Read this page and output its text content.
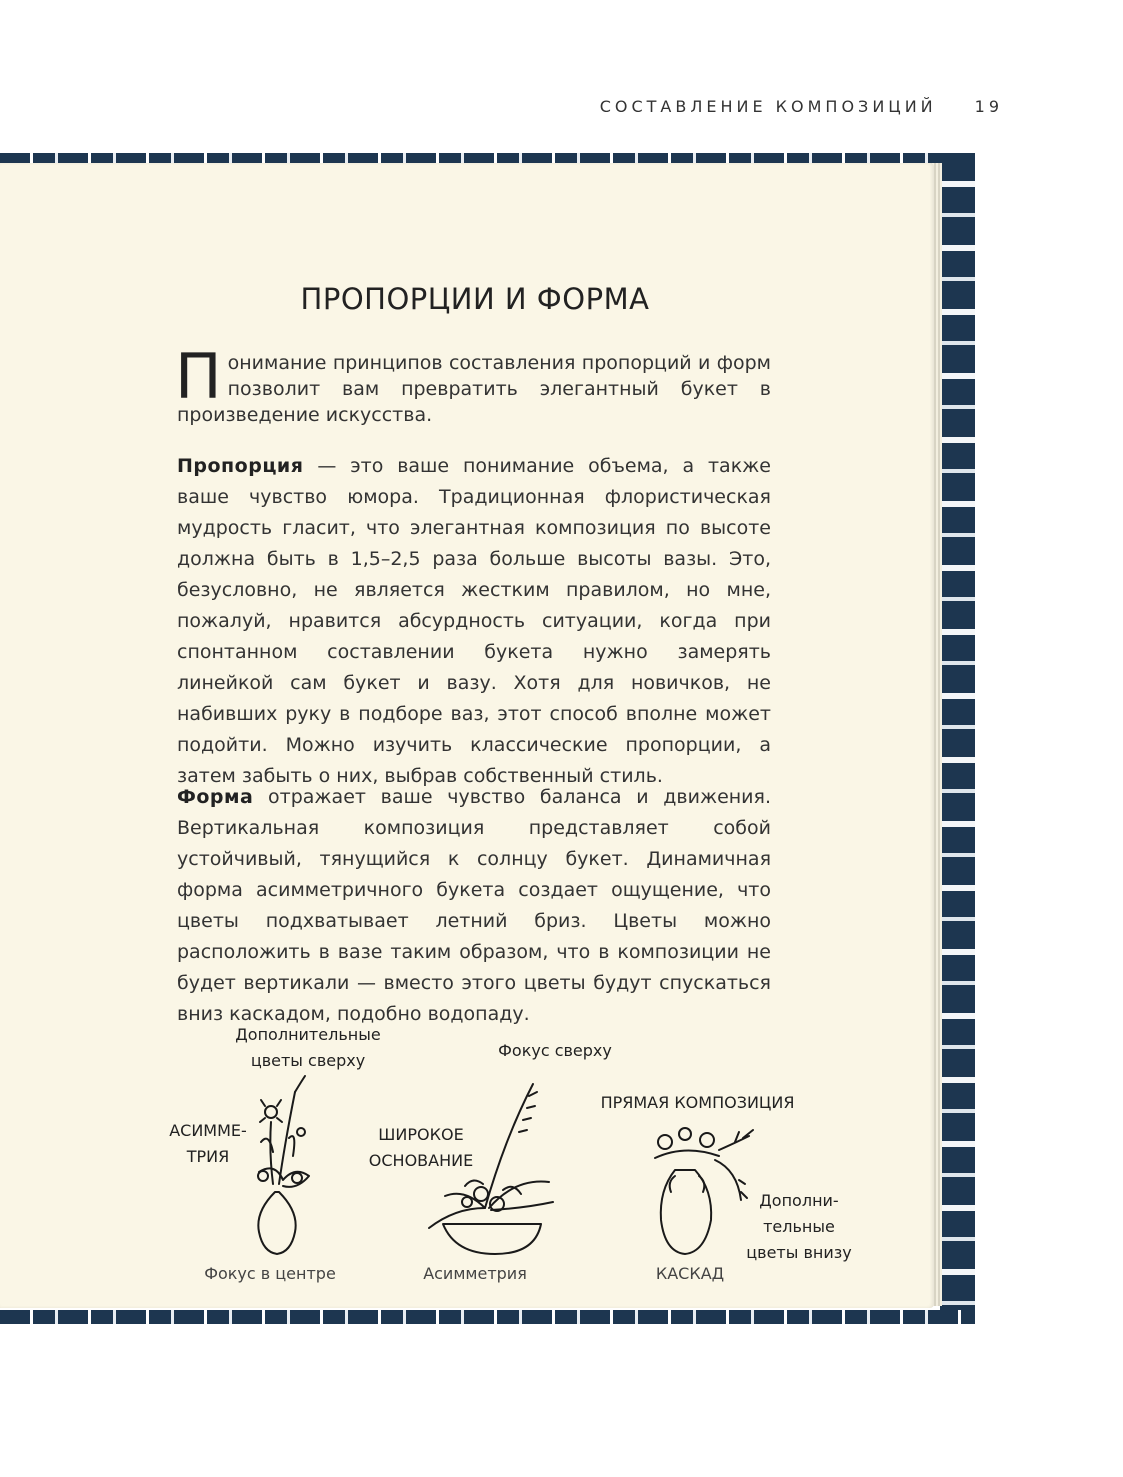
СОСТАВЛЕНИЕ КОМПОЗИЦИЙ 19
ПРОПОРЦИИ И ФОРМА
Понимание принципов составления пропорций и форм позволит вам превратить элегантный букет в произведение искусства.
Пропорция — это ваше понимание объема, а также ваше чувство юмора. Традиционная флористическая мудрость гласит, что элегантная композиция по высоте должна быть в 1,5–2,5 раза больше высоты вазы. Это, безусловно, не является жестким правилом, но мне, пожалуй, нравится абсурдность ситуации, когда при спонтанном составлении букета нужно замерять линейкой сам букет и вазу. Хотя для новичков, не набивших руку в подборе ваз, этот способ вполне может подойти. Можно изучить классические пропорции, а затем забыть о них, выбрав собственный стиль.
Форма отражает ваше чувство баланса и движения. Вертикальная композиция представляет собой устойчивый, тянущийся к солнцу букет. Динамичная форма асимметричного букета создает ощущение, что цветы подхватывает летний бриз. Цветы можно расположить в вазе таким образом, что в композиции не будет вертикали — вместо этого цветы будут спускаться вниз каскадом, подобно водопаду.
Дополнительные
цветы сверху
АСИММЕ-
ТРИЯ
Фокус в центре
Фокус сверху
ШИРОКОЕ
ОСНОВАНИЕ
Асимметрия
ПРЯМАЯ КОМПОЗИЦИЯ
Дополни-
тельные
цветы внизу
КАСКАД
